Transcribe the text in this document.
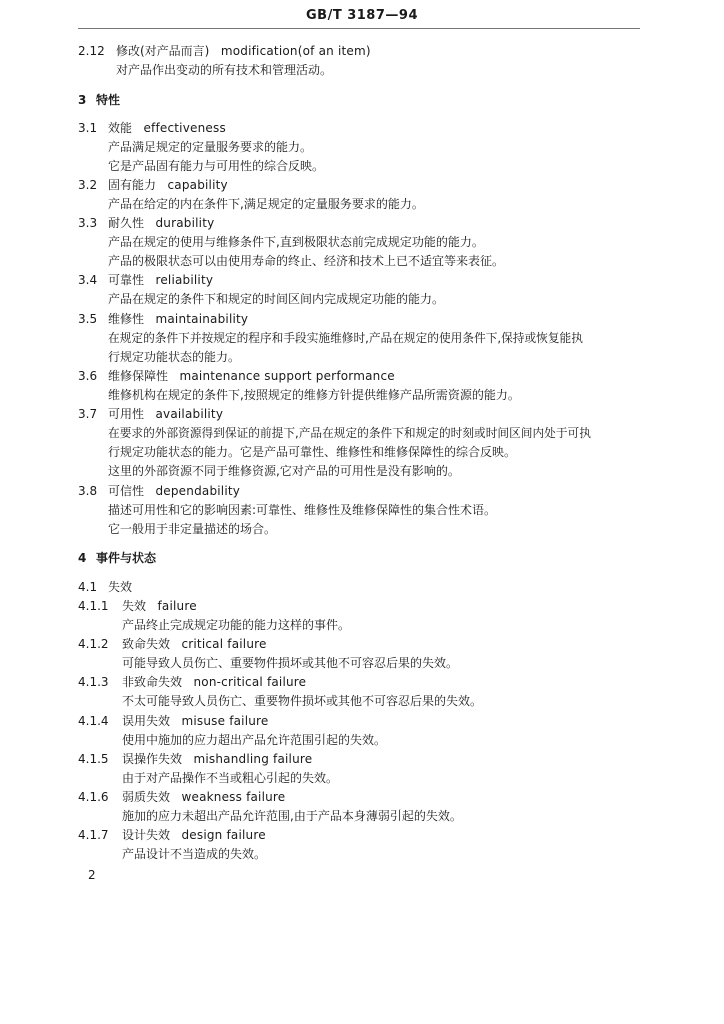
GB/T 3187—94
2.12 修改(对产品而言) modification(of an item)
对产品作出变动的所有技术和管理活动。
3 特性
3.1 效能 effectiveness
产品满足规定的定量服务要求的能力。
它是产品固有能力与可用性的综合反映。
3.2 固有能力 capability
产品在给定的内在条件下,满足规定的定量服务要求的能力。
3.3 耐久性 durability
产品在规定的使用与维修条件下,直到极限状态前完成规定功能的能力。
产品的极限状态可以由使用寿命的终止、经济和技术上已不适宜等来表征。
3.4 可靠性 reliability
产品在规定的条件下和规定的时间区间内完成规定功能的能力。
3.5 维修性 maintainability
在规定的条件下并按规定的程序和手段实施维修时,产品在规定的使用条件下,保持或恢复能执
行规定功能状态的能力。
3.6 维修保障性 maintenance support performance
维修机构在规定的条件下,按照规定的维修方针提供维修产品所需资源的能力。
3.7 可用性 availability
在要求的外部资源得到保证的前提下,产品在规定的条件下和规定的时刻或时间区间内处于可执
行规定功能状态的能力。它是产品可靠性、维修性和维修保障性的综合反映。
这里的外部资源不同于维修资源,它对产品的可用性是没有影响的。
3.8 可信性 dependability
描述可用性和它的影响因素:可靠性、维修性及维修保障性的集合性术语。
它一般用于非定量描述的场合。
4 事件与状态
4.1 失效
4.1.1 失效 failure
产品终止完成规定功能的能力这样的事件。
4.1.2 致命失效 critical failure
可能导致人员伤亡、重要物件损坏或其他不可容忍后果的失效。
4.1.3 非致命失效 non-critical failure
不太可能导致人员伤亡、重要物件损坏或其他不可容忍后果的失效。
4.1.4 误用失效 misuse failure
使用中施加的应力超出产品允许范围引起的失效。
4.1.5 误操作失效 mishandling failure
由于对产品操作不当或粗心引起的失效。
4.1.6 弱质失效 weakness failure
施加的应力未超出产品允许范围,由于产品本身薄弱引起的失效。
4.1.7 设计失效 design failure
产品设计不当造成的失效。
2
